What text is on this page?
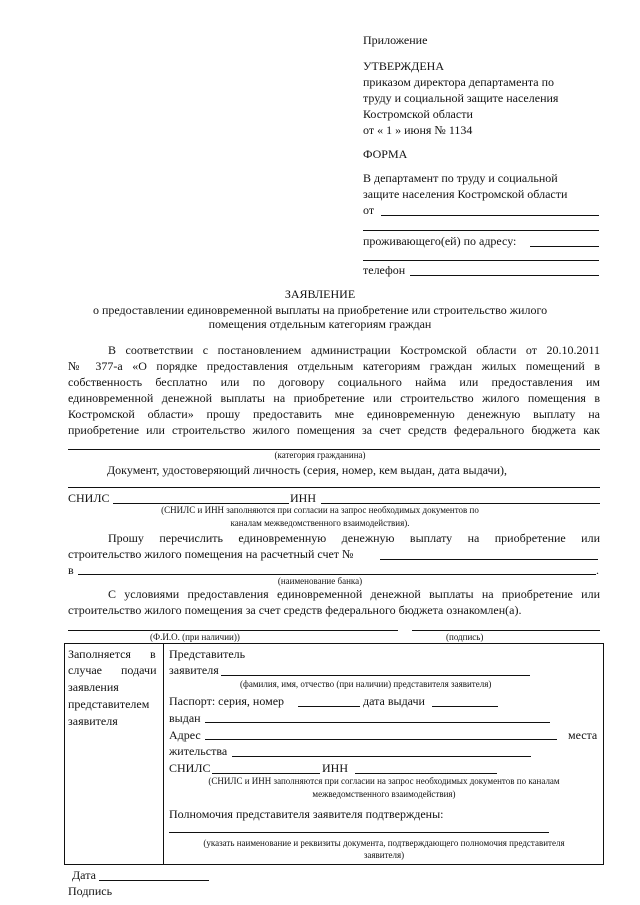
Приложение
УТВЕРЖДЕНА
приказом директора департамента по
труду и социальной защите населения
Костромской области
от « 1 » июня № 1134
ФОРМА
В департамент по труду и социальной
защите населения Костромской области
от
проживающего(ей) по адресу:
телефон
ЗАЯВЛЕНИЕ
о предоставлении единовременной выплаты на приобретение или строительство жилого
помещения отдельным категориям граждан
В соответствии с постановлением администрации Костромской области от 20.10.2011
№ 377-а «О порядке предоставления отдельным категориям граждан жилых помещений в
собственность бесплатно или по договору социального найма или предоставления им
единовременной денежной выплаты на приобретение или строительство жилого помещения в
Костромской области» прошу предоставить мне единовременную денежную выплату на
приобретение или строительство жилого помещения за счет средств федерального бюджета как
(категория гражданина)
Документ, удостоверяющий личность (серия, номер, кем выдан, дата выдачи),
СНИЛС	ИНН
(СНИЛС и ИНН заполняются при согласии на запрос необходимых документов по
каналам межведомственного взаимодействия).
Прошу перечислить единовременную денежную выплату на приобретение или
строительство жилого помещения на расчетный счет №
в	.
(наименование банка)
С условиями предоставления единовременной денежной выплаты на приобретение или
строительство жилого помещения за счет средств федерального бюджета ознакомлен(а).
(Ф.И.О. (при наличии))	(подпись)
Заполняется в
случае подачи
заявления
представителем
заявителя
Представитель
заявителя
(фамилия, имя, отчество (при наличии) представителя заявителя)
Паспорт: серия, номер	дата выдачи
выдан
Адрес	места
жительства
СНИЛС	ИНН
(СНИЛС и ИНН заполняются при согласии на запрос необходимых документов по каналам
межведомственного взаимодействия)
Полномочия представителя заявителя подтверждены:
(указать наименование и реквизиты документа, подтверждающего полномочия представителя
заявителя)
Дата
Подпись
